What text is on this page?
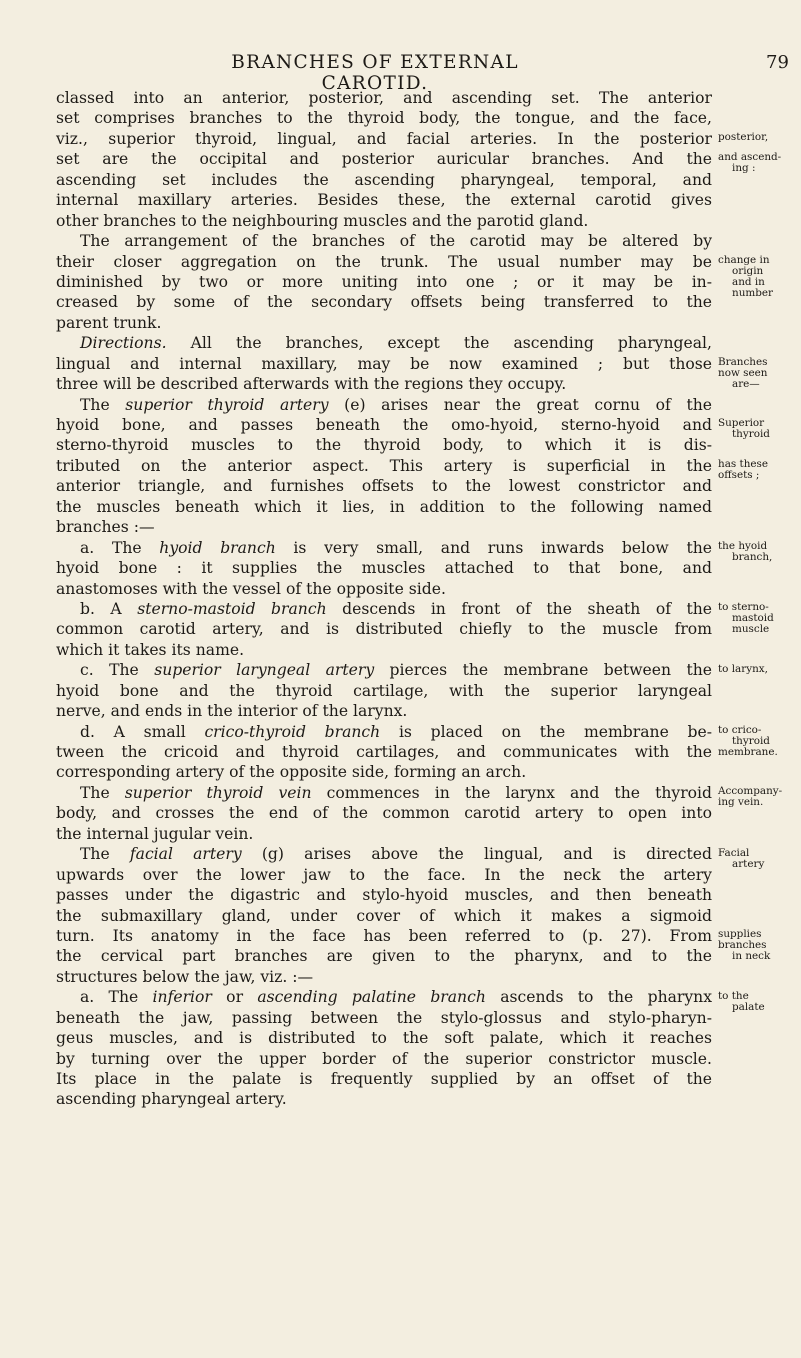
BRANCHES OF EXTERNAL CAROTID.
79
classed into an anterior, posterior, and ascending set. The anterior
set comprises branches to the thyroid body, the tongue, and the face,
viz., superior thyroid, lingual, and facial arteries. In the posterior
set are the occipital and posterior auricular branches. And the
ascending set includes the ascending pharyngeal, temporal, and
internal maxillary arteries. Besides these, the external carotid gives
other branches to the neighbouring muscles and the parotid gland.
The arrangement of the branches of the carotid may be altered by
their closer aggregation on the trunk. The usual number may be
diminished by two or more uniting into one ; or it may be in-
creased by some of the secondary offsets being transferred to the
parent trunk.
Directions. All the branches, except the ascending pharyngeal,
lingual and internal maxillary, may be now examined ; but those
three will be described afterwards with the regions they occupy.
The superior thyroid artery (e) arises near the great cornu of the
hyoid bone, and passes beneath the omo-hyoid, sterno-hyoid and
sterno-thyroid muscles to the thyroid body, to which it is dis-
tributed on the anterior aspect. This artery is superficial in the
anterior triangle, and furnishes offsets to the lowest constrictor and
the muscles beneath which it lies, in addition to the following named
branches :—
a. The hyoid branch is very small, and runs inwards below the
hyoid bone : it supplies the muscles attached to that bone, and
anastomoses with the vessel of the opposite side.
b. A sterno-mastoid branch descends in front of the sheath of the
common carotid artery, and is distributed chiefly to the muscle from
which it takes its name.
c. The superior laryngeal artery pierces the membrane between the
hyoid bone and the thyroid cartilage, with the superior laryngeal
nerve, and ends in the interior of the larynx.
d. A small crico-thyroid branch is placed on the membrane be-
tween the cricoid and thyroid cartilages, and communicates with the
corresponding artery of the opposite side, forming an arch.
The superior thyroid vein commences in the larynx and the thyroid
body, and crosses the end of the common carotid artery to open into
the internal jugular vein.
The facial artery (g) arises above the lingual, and is directed
upwards over the lower jaw to the face. In the neck the artery
passes under the digastric and stylo-hyoid muscles, and then beneath
the submaxillary gland, under cover of which it makes a sigmoid
turn. Its anatomy in the face has been referred to (p. 27). From
the cervical part branches are given to the pharynx, and to the
structures below the jaw, viz. :—
a. The inferior or ascending palatine branch ascends to the pharynx
beneath the jaw, passing between the stylo-glossus and stylo-pharyn-
geus muscles, and is distributed to the soft palate, which it reaches
by turning over the upper border of the superior constrictor muscle.
Its place in the palate is frequently supplied by an offset of the
ascending pharyngeal artery.
posterior,
and ascend-
ing :
change in
origin
and in
number
Branches
now seen
are—
Superior
thyroid
has these
offsets ;
the hyoid
branch,
to sterno-
mastoid
muscle
to larynx,
to crico-
thyroid
membrane.
Accompany-
ing vein.
Facial
artery
supplies
branches
in neck
to the
palate
